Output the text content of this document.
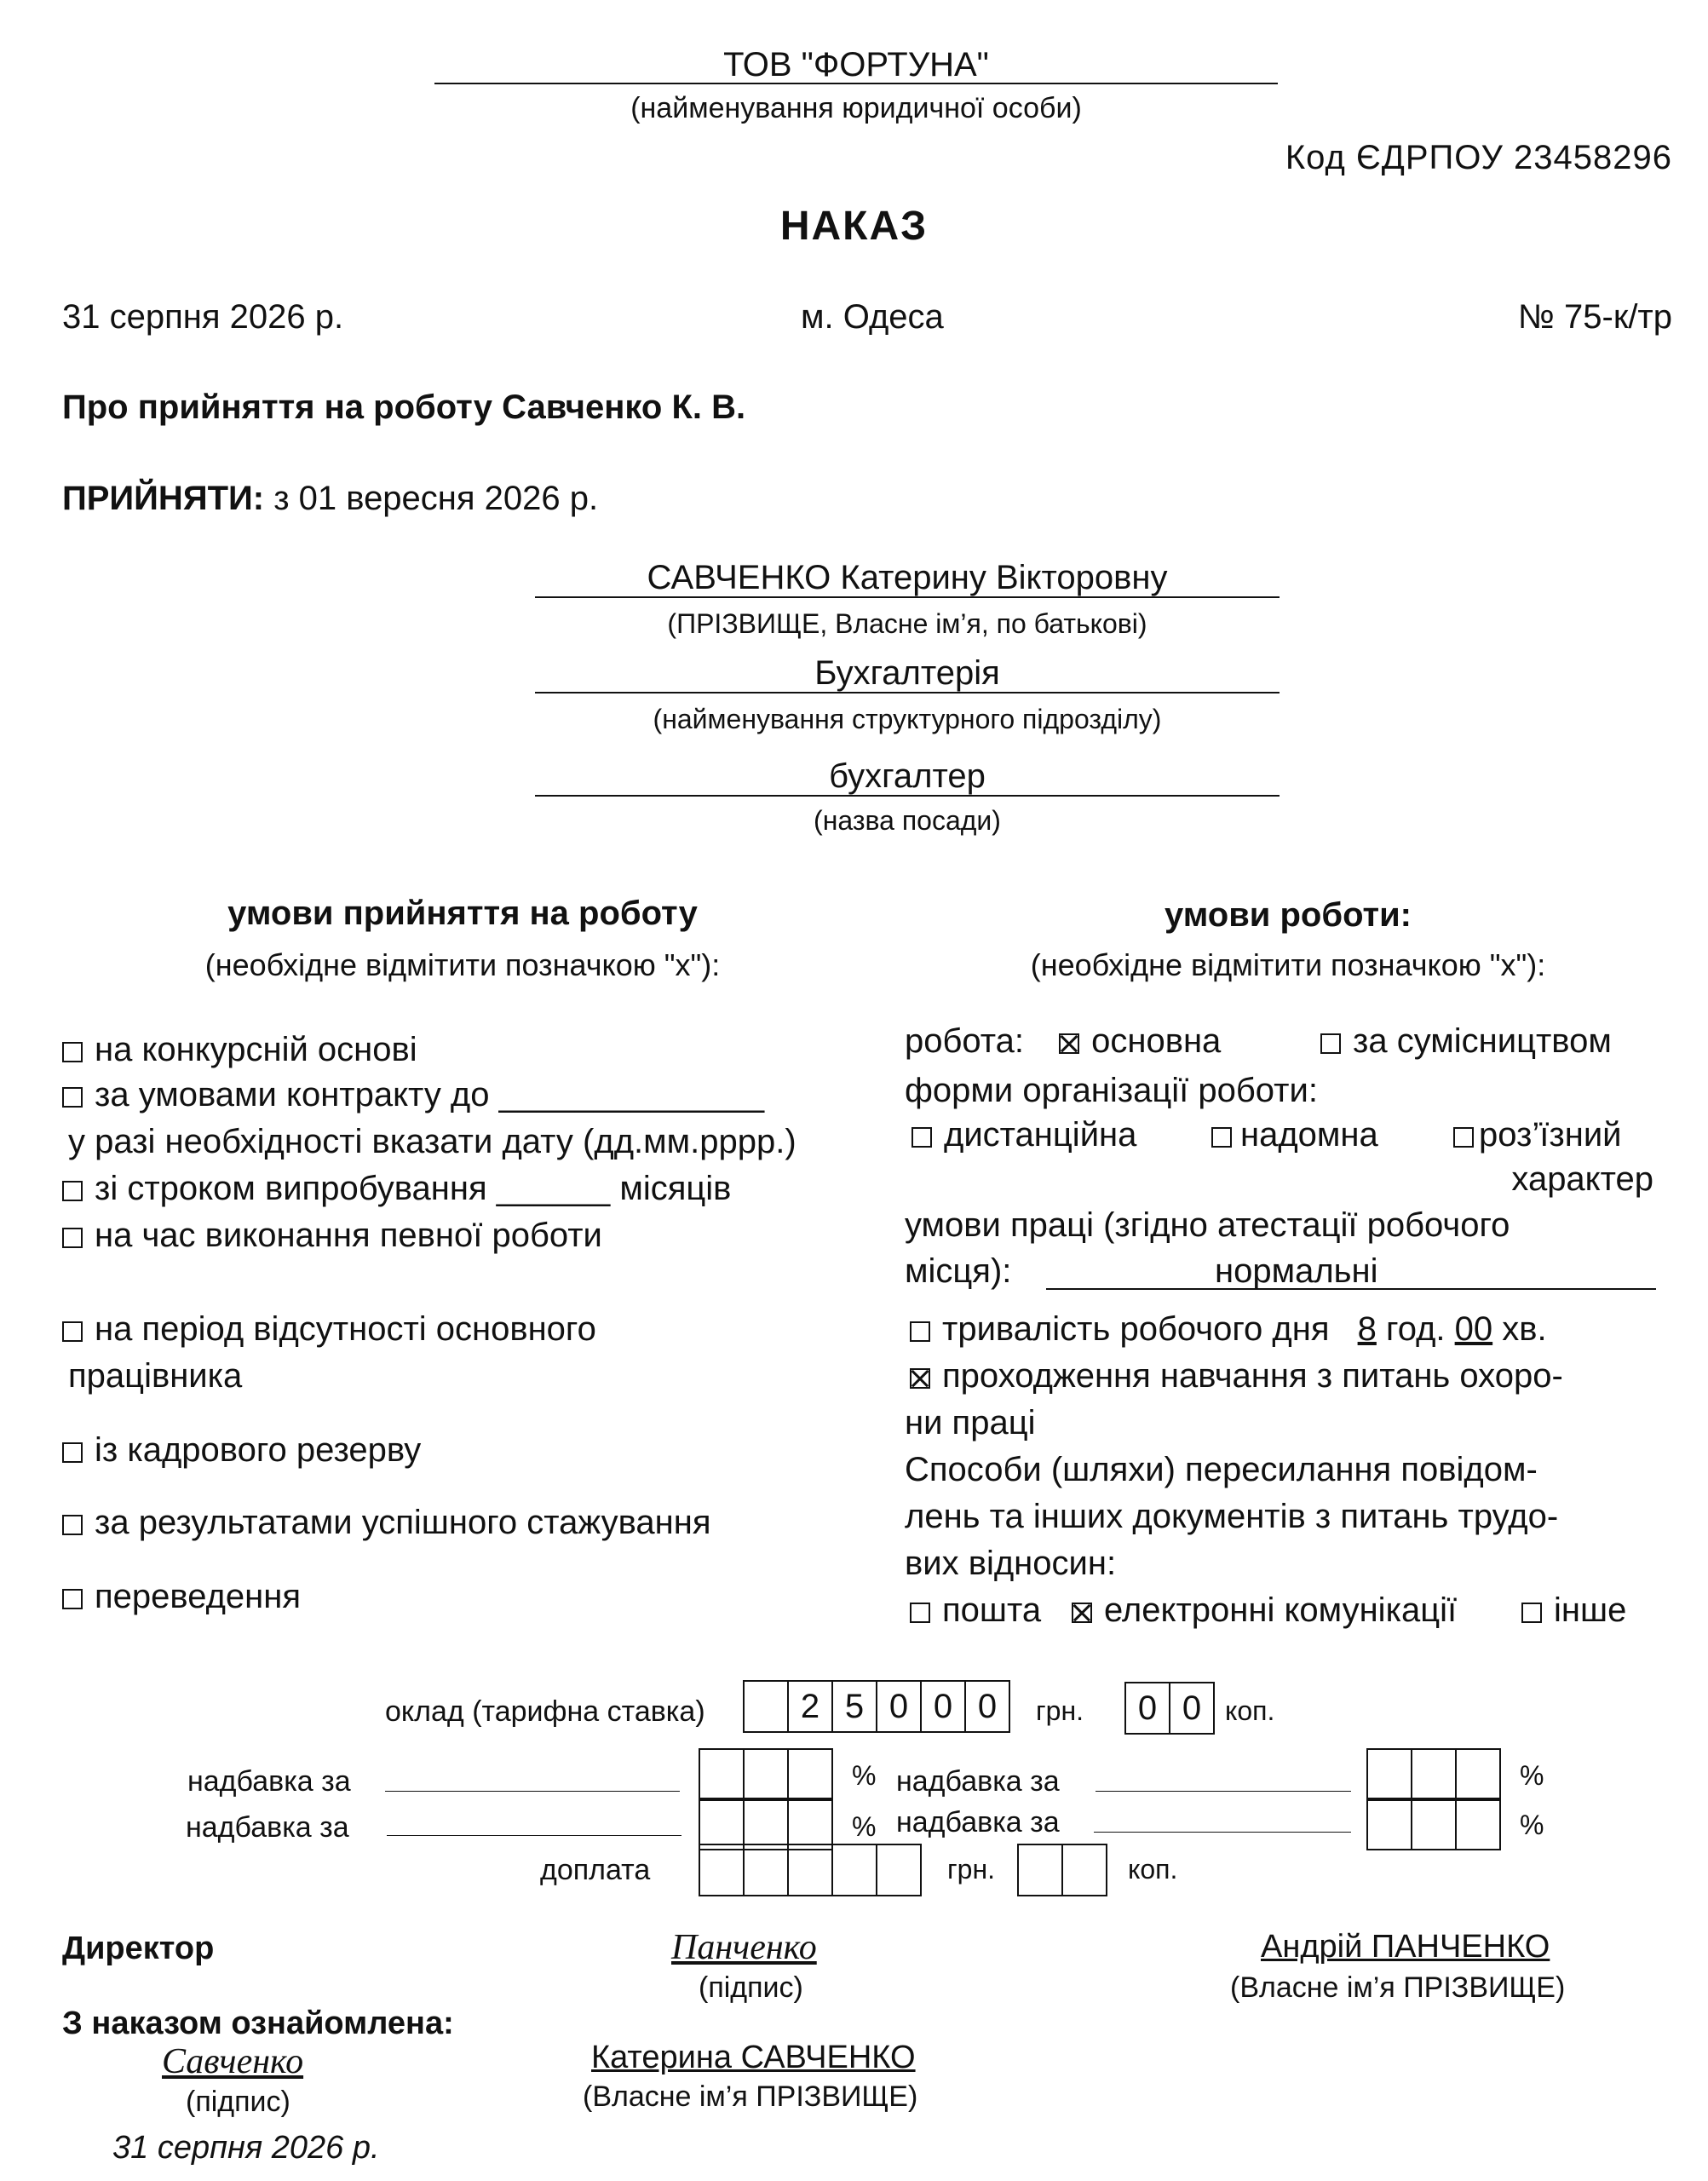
ТОВ "ФОРТУНА"
(найменування юридичної особи)
Код ЄДРПОУ 23458296
НАКАЗ
31 серпня 2026 р.	м. Одеса	№ 75-к/тр
Про прийняття на роботу Савченко К. В.
ПРИЙНЯТИ: з 01 вересня 2026 р.
САВЧЕНКО Катерину Вікторовну
(ПРІЗВИЩЕ, Власне ім’я, по батькові)
Бухгалтерія
(найменування структурного підрозділу)
бухгалтер
(назва посади)
умови прийняття на роботу
(необхідне відмітити позначкою "х"):
на конкурсній основі
за умовами контракту до ______________
у разі необхідності вказати дату (дд.мм.рррр.)
зі строком випробування ______ місяців
на час виконання певної роботи
на період відсутності основного
працівника
із кадрового резерву
за результатами успішного стажування
переведення
умови роботи:
(необхідне відмітити позначкою "х"):
робота: основна	за сумісництвом
форми організації роботи:
дистанційна	надомна	роз’їзний
характер
умови праці (згідно атестації робочого
місця):	нормальні
тривалість робочого дня 8 год. 00 хв.
проходження навчання з питань охоро-
ни праці
Способи (шляхи) пересилання повідом-
лень та інших документів з питань трудо-
вих відносин:
пошта	електронні комунікації	інше
оклад (тарифна ставка)	2 5 0 0 0	грн.	0 0 коп.
надбавка за	%
надбавка за	%
надбавка за	%
надбавка за	%
доплата	грн.	коп.
Директор	Панченко
(підпис)
Андрій ПАНЧЕНКО
(Власне ім’я ПРІЗВИЩЕ)
З наказом ознайомлена:
Савченко
(підпис)
Катерина САВЧЕНКО
(Власне ім’я ПРІЗВИЩЕ)
31 серпня 2026 р.
